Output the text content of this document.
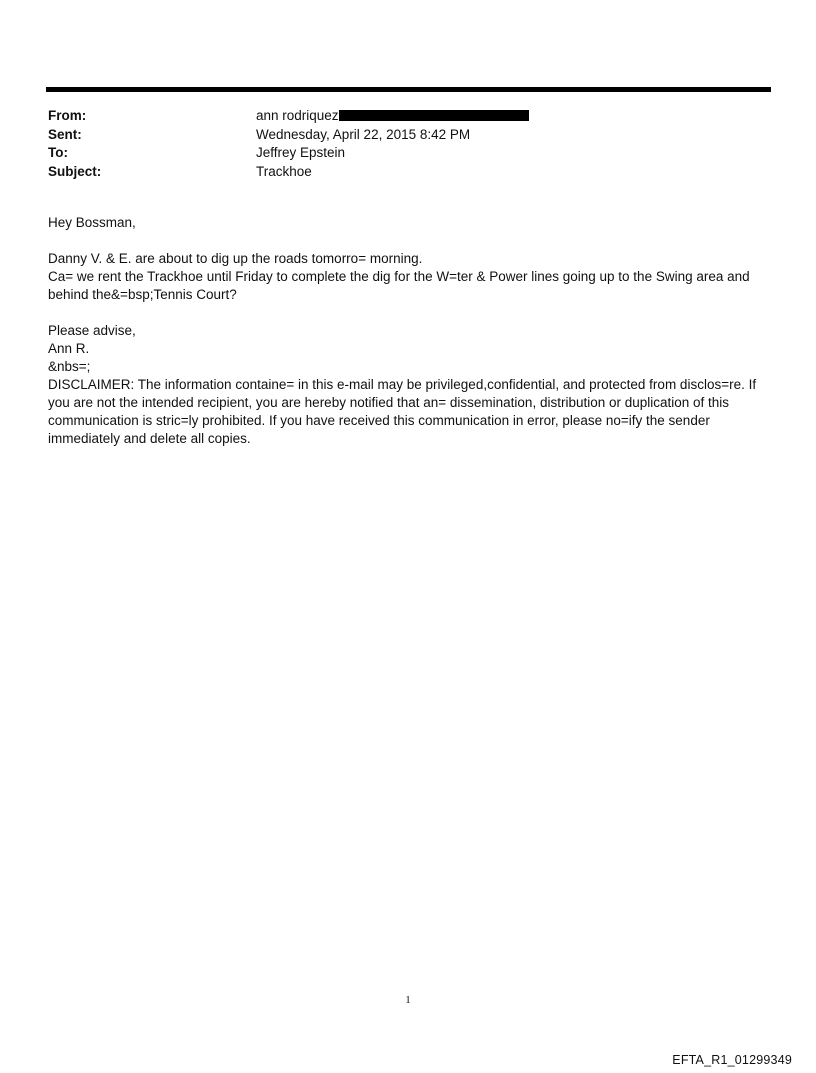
From:	ann rodriquez
Sent:	Wednesday, April 22, 2015 8:42 PM
To:	Jeffrey Epstein
Subject:	Trackhoe

Hey Bossman,

Danny V. & E. are about to dig up the roads tomorro= morning.

Ca= we rent the Trackhoe until Friday to complete the dig for the W=ter & Power lines going up to the Swing area and behind the&=bsp;Tennis Court?

Please advise,

Ann R.

&nbs=;

DISCLAIMER: The information containe= in this e-mail may be privileged,confidential, and protected from disclos=re. If you are not the intended recipient, you are hereby notified that an= dissemination, distribution or duplication of this communication is stric=ly prohibited. If you have received this communication in error, please no=ify the sender immediately and delete all copies.

1
EFTA_R1_01299349
